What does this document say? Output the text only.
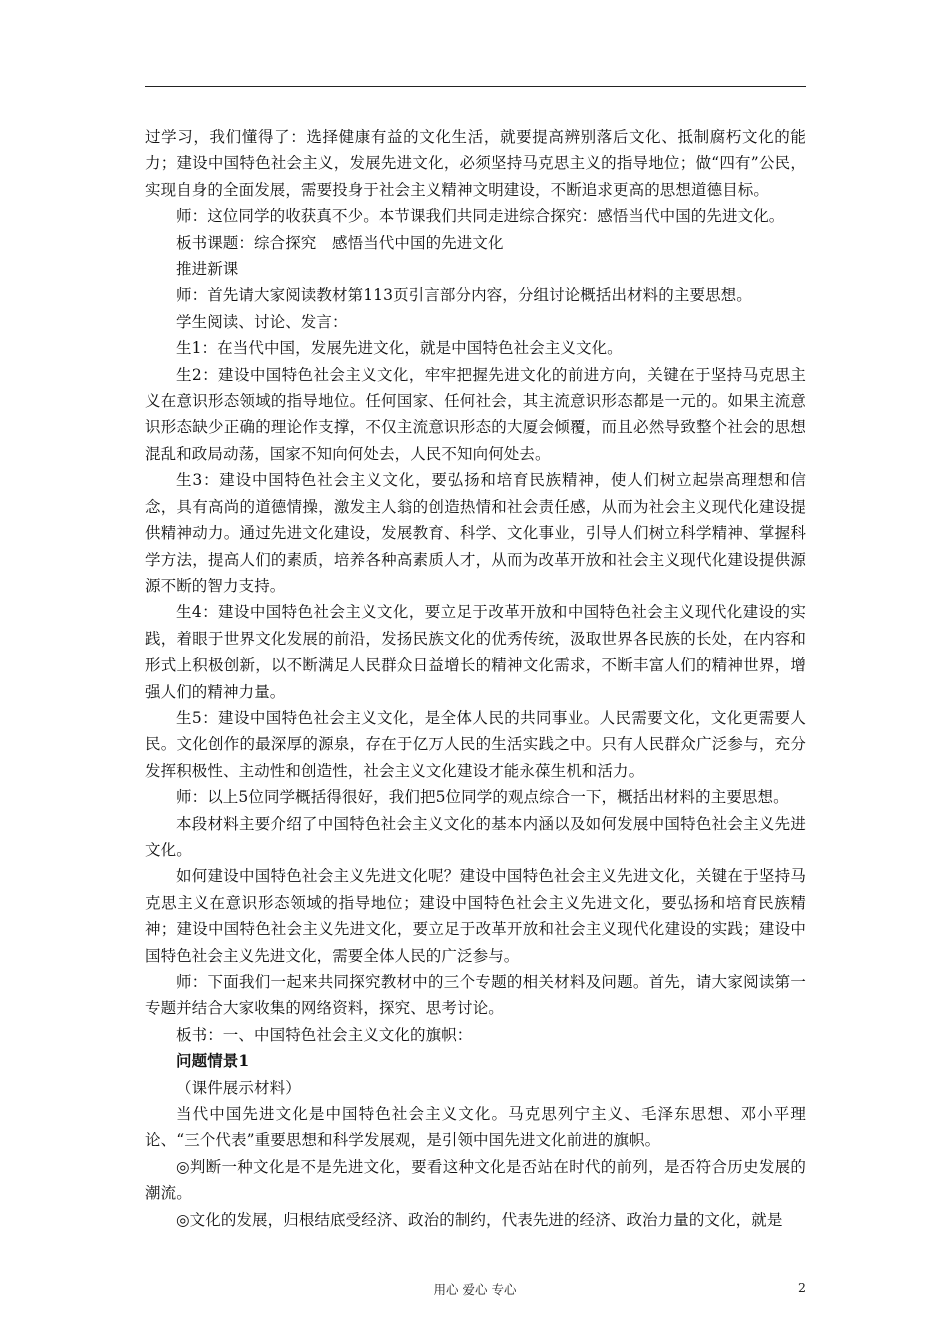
过学习，我们懂得了：选择健康有益的文化生活，就要提高辨别落后文化、抵制腐朽文化的能力；建设中国特色社会主义，发展先进文化，必须坚持马克思主义的指导地位；做“四有”公民，实现自身的全面发展，需要投身于社会主义精神文明建设，不断追求更高的思想道德目标。

师：这位同学的收获真不少。本节课我们共同走进综合探究：感悟当代中国的先进文化。

板书课题：综合探究　感悟当代中国的先进文化

推进新课

师：首先请大家阅读教材第113页引言部分内容，分组讨论概括出材料的主要思想。

学生阅读、讨论、发言：

生1：在当代中国，发展先进文化，就是中国特色社会主义文化。

生2：建设中国特色社会主义文化，牢牢把握先进文化的前进方向，关键在于坚持马克思主义在意识形态领域的指导地位。任何国家、任何社会，其主流意识形态都是一元的。如果主流意识形态缺少正确的理论作支撑，不仅主流意识形态的大厦会倾覆，而且必然导致整个社会的思想混乱和政局动荡，国家不知向何处去，人民不知向何处去。

生3：建设中国特色社会主义文化，要弘扬和培育民族精神，使人们树立起崇高理想和信念，具有高尚的道德情操，激发主人翁的创造热情和社会责任感，从而为社会主义现代化建设提供精神动力。通过先进文化建设，发展教育、科学、文化事业，引导人们树立科学精神、掌握科学方法，提高人们的素质，培养各种高素质人才，从而为改革开放和社会主义现代化建设提供源源不断的智力支持。

生4：建设中国特色社会主义文化，要立足于改革开放和中国特色社会主义现代化建设的实践，着眼于世界文化发展的前沿，发扬民族文化的优秀传统，汲取世界各民族的长处，在内容和形式上积极创新，以不断满足人民群众日益增长的精神文化需求，不断丰富人们的精神世界，增强人们的精神力量。

生5：建设中国特色社会主义文化，是全体人民的共同事业。人民需要文化，文化更需要人民。文化创作的最深厚的源泉，存在于亿万人民的生活实践之中。只有人民群众广泛参与，充分发挥积极性、主动性和创造性，社会主义文化建设才能永葆生机和活力。

师：以上5位同学概括得很好，我们把5位同学的观点综合一下，概括出材料的主要思想。

本段材料主要介绍了中国特色社会主义文化的基本内涵以及如何发展中国特色社会主义先进文化。

如何建设中国特色社会主义先进文化呢？建设中国特色社会主义先进文化，关键在于坚持马克思主义在意识形态领域的指导地位；建设中国特色社会主义先进文化，要弘扬和培育民族精神；建设中国特色社会主义先进文化，要立足于改革开放和社会主义现代化建设的实践；建设中国特色社会主义先进文化，需要全体人民的广泛参与。

师：下面我们一起来共同探究教材中的三个专题的相关材料及问题。首先，请大家阅读第一专题并结合大家收集的网络资料，探究、思考讨论。

板书：一、中国特色社会主义文化的旗帜：

问题情景1

（课件展示材料）

当代中国先进文化是中国特色社会主义文化。马克思列宁主义、毛泽东思想、邓小平理论、“三个代表”重要思想和科学发展观，是引领中国先进文化前进的旗帜。

◎判断一种文化是不是先进文化，要看这种文化是否站在时代的前列，是否符合历史发展的潮流。

◎文化的发展，归根结底受经济、政治的制约，代表先进的经济、政治力量的文化，就是

用心 爱心 专心	2
